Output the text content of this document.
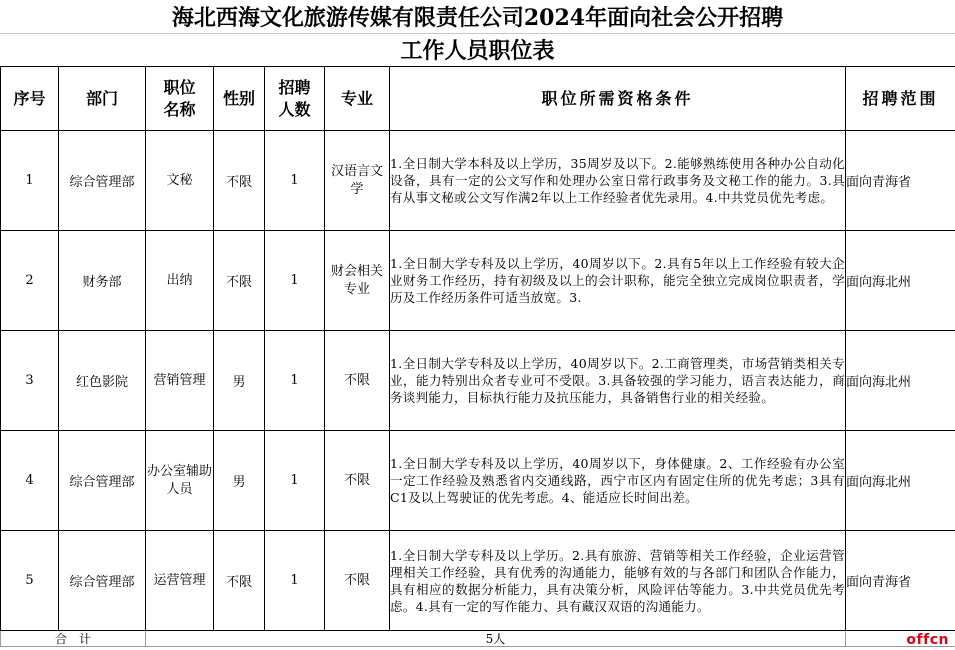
海北西海文化旅游传媒有限责任公司2024年面向社会公开招聘
工作人员职位表
序号	部门	职位名称	性别	招聘人数	专业	职位所需资格条件	招聘范围
1	综合管理部	文秘	不限	1	汉语言文学	1.全日制大学本科及以上学历，35周岁及以下。2.能够熟练使用各种办公自动化设备，具有一定的公文写作和处理办公室日常行政事务及文秘工作的能力。3.具有从事文秘或公文写作满2年以上工作经验者优先录用。4.中共党员优先考虑。	面向青海省
2	财务部	出纳	不限	1	财会相关专业	1.全日制大学专科及以上学历，40周岁以下。2.具有5年以上工作经验有较大企业财务工作经历，持有初级及以上的会计职称，能完全独立完成岗位职责者，学历及工作经历条件可适当放宽。3.	面向海北州
3	红色影院	营销管理	男	1	不限	1.全日制大学专科及以上学历，40周岁以下。2.工商管理类，市场营销类相关专业，能力特别出众者专业可不受限。3.具备较强的学习能力，语言表达能力，商务谈判能力，目标执行能力及抗压能力，具备销售行业的相关经验。	面向海北州
4	综合管理部	办公室辅助人员	男	1	不限	1.全日制大学专科及以上学历，40周岁以下，身体健康。2、工作经验有办公室一定工作经验及熟悉省内交通线路，西宁市区内有固定住所的优先考虑；3具有C1及以上驾驶证的优先考虑。4、能适应长时间出差。	面向海北州
5	综合管理部	运营管理	不限	1	不限	1.全日制大学专科及以上学历。2.具有旅游、营销等相关工作经验，企业运营管理相关工作经验，具有优秀的沟通能力，能够有效的与各部门和团队合作能力，具有相应的数据分析能力，具有决策分析，风险评估等能力。3.中共党员优先考虑。4.具有一定的写作能力、具有藏汉双语的沟通能力。	面向青海省
合　计		5人						offcn
